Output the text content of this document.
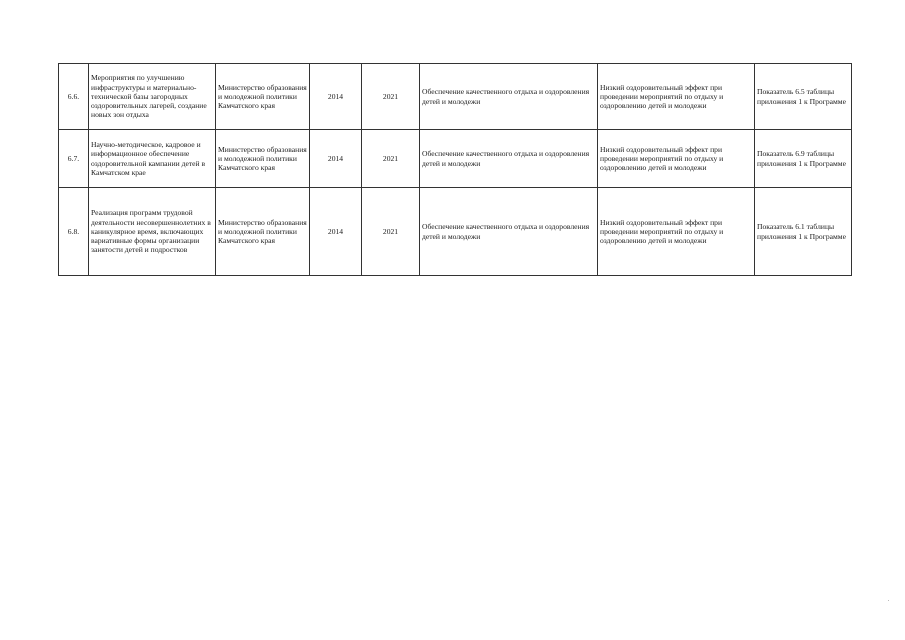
6.6.	Мероприятия по улучшению инфраструктуры и материально-технической базы загородных оздоровительных лагерей, создание новых зон отдыха	Министерство образования и молодежной политики Камчатского края	2014	2021	Обеспечение качественного отдыха и оздоровления детей и молодежи	Низкий оздоровительный эффект при проведении мероприятий по отдыху и оздоровлению детей и молодежи	Показатель 6.5 таблицы приложения 1 к Программе
6.7.	Научно-методическое, кадровое и информационное обеспечение оздоровительной кампании детей в Камчатском крае	Министерство образования и молодежной политики Камчатского края	2014	2021	Обеспечение качественного отдыха и оздоровления детей и молодежи	Низкий оздоровительный эффект при проведении мероприятий по отдыху и оздоровлению детей и молодежи	Показатель 6.9 таблицы приложения 1 к Программе
6.8.	Реализация программ трудовой деятельности несовершеннолетних в каникулярное время, включающих вариативные формы организации занятости детей и подростков	Министерство образования и молодежной политики Камчатского края	2014	2021	Обеспечение качественного отдыха и оздоровления детей и молодежи	Низкий оздоровительный эффект при проведении мероприятий по отдыху и оздоровлению детей и молодежи	Показатель 6.1 таблицы приложения 1 к Программе
